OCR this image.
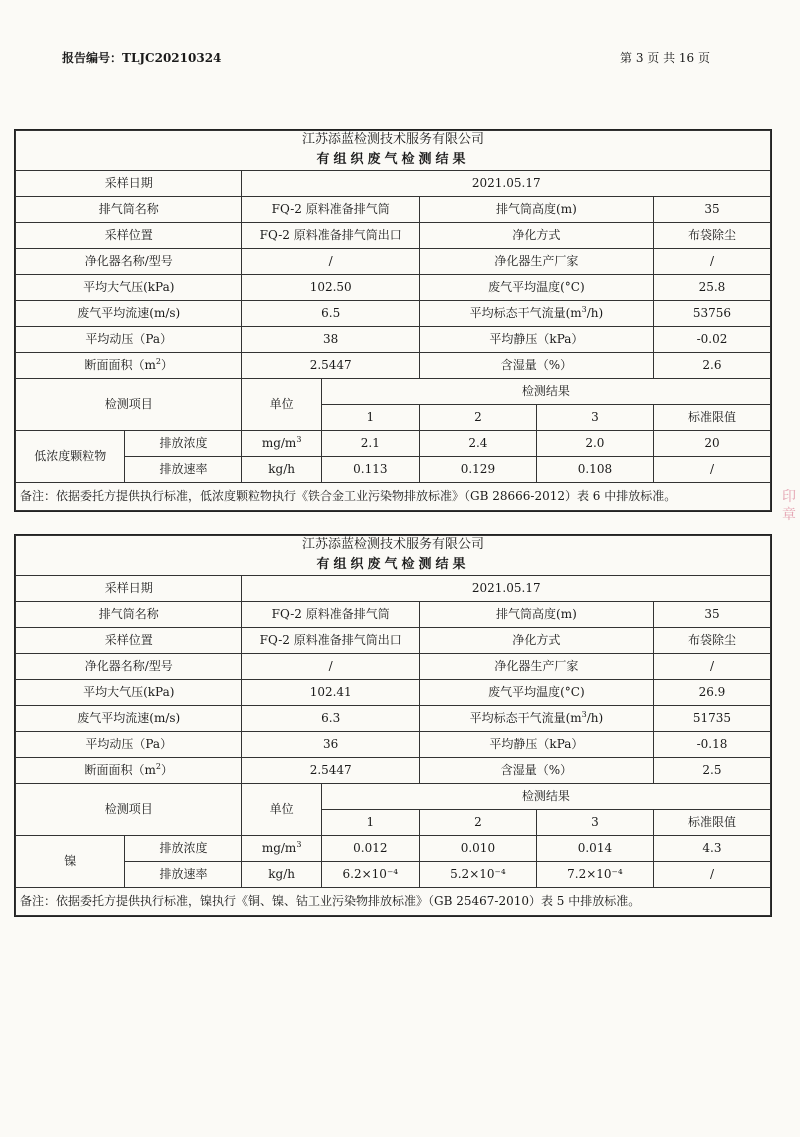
报告编号：TLJC20210324	第 3 页 共 16 页
江苏添蓝检测技术服务有限公司						
有组织废气检测结果						
采样日期		2021.05.17				
排气筒名称		FQ-2 原料准备排气筒		排气筒高度(m)		35
采样位置		FQ-2 原料准备排气筒出口		净化方式		布袋除尘
净化器名称/型号		/		净化器生产厂家		/
平均大气压(kPa)		102.50		废气平均温度(°C)		25.8
废气平均流速(m/s)		6.5		平均标态干气流量$(m^3/h)$		53756
平均动压（Pa）		38		平均静压（kPa）		-0.02
断面面积$(m^2)$		2.5447		含湿量（%）		2.6
检测项目		单位	检测结果			
			1	2	3	标准限值
低浓度颗粒物	排放浓度	$mg/m^3$	2.1	2.4	2.0	20
	排放速率	kg/h	0.113	0.129	0.108	/
备注：依据委托方提供执行标准，低浓度颗粒物执行《铁合金工业污染物排放标准》（GB 28666-2012）表 6 中排放标准。						
江苏添蓝检测技术服务有限公司						
有组织废气检测结果						
采样日期		2021.05.17				
排气筒名称		FQ-2 原料准备排气筒		排气筒高度(m)		35
采样位置		FQ-2 原料准备排气筒出口		净化方式		布袋除尘
净化器名称/型号		/		净化器生产厂家		/
平均大气压(kPa)		102.41		废气平均温度(°C)		26.9
废气平均流速(m/s)		6.3		平均标态干气流量$(m^3/h)$		51735
平均动压（Pa）		36		平均静压（kPa）		-0.18
断面面积$(m^2)$		2.5447		含湿量（%）		2.5
检测项目		单位	检测结果			
			1	2	3	标准限值
镍	排放浓度	$mg/m^3$	0.012	0.010	0.014	4.3
	排放速率	kg/h	6.2×10⁻⁴	5.2×10⁻⁴	7.2×10⁻⁴	/
备注：依据委托方提供执行标准，镍执行《铜、镍、钴工业污染物排放标准》（GB 25467-2010）表 5 中排放标准。						
印
章
